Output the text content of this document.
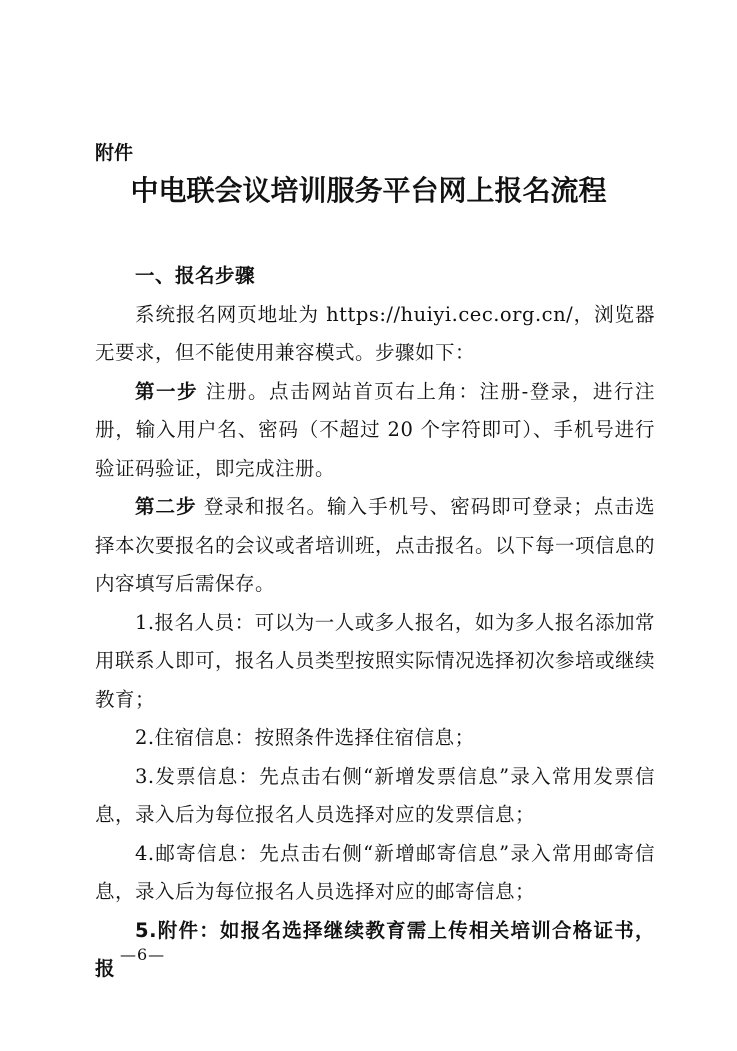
附件
中电联会议培训服务平台网上报名流程

一、报名步骤

系统报名网页地址为 https://huiyi.cec.org.cn/，浏览器无要求，但不能使用兼容模式。步骤如下：

第一步 注册。点击网站首页右上角：注册-登录，进行注册，输入用户名、密码（不超过 20 个字符即可）、手机号进行验证码验证，即完成注册。

第二步 登录和报名。输入手机号、密码即可登录；点击选择本次要报名的会议或者培训班，点击报名。以下每一项信息的内容填写后需保存。

1.报名人员：可以为一人或多人报名，如为多人报名添加常用联系人即可，报名人员类型按照实际情况选择初次参培或继续教育；

2.住宿信息：按照条件选择住宿信息；

3.发票信息：先点击右侧“新增发票信息”录入常用发票信息，录入后为每位报名人员选择对应的发票信息；

4.邮寄信息：先点击右侧“新增邮寄信息”录入常用邮寄信息，录入后为每位报名人员选择对应的邮寄信息；

5.附件：如报名选择继续教育需上传相关培训合格证书，报

—6—
